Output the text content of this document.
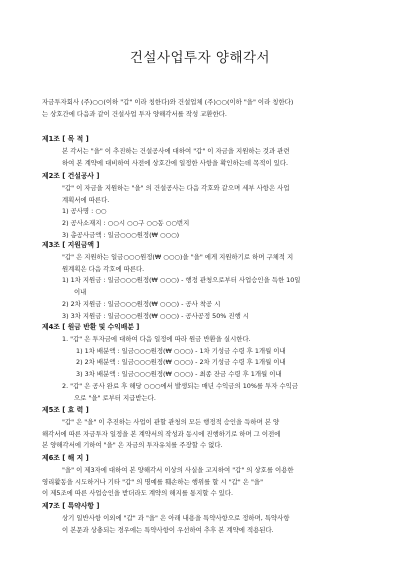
건설사업투자 양해각서

자금투자회사 (주)○○(이하 "갑" 이라 칭한다)와 건설업체 (주)○○(이하 "을" 이라 칭한다)

는 상호간에 다음과 같이 건설사업 투자 양해각서를 작성 교환한다.

제1조 [ 목 적 ]
본 각서는 "을" 이 추진하는 건설공사에 대하여 "갑" 이 자금을 지원하는 것과 관련
하여 본 계약에 대비하여 사전에 상호간에 일정한 사항을 확인하는데 목적이 있다.
제2조 [ 건설공사 ]
"갑" 이 자금을 지원하는 "을" 의 건설공사는 다음 각호와 같으며 세부 사항은 사업
계획서에 따른다.
1) 공사명 : ○○
2) 공사소재지 : ○○시 ○○구 ○○동 ○○번지
3) 총공사금액 : 일금○○○원정(₩ ○○○)
제3조 [ 지원금액 ]
"갑" 은 지원하는 일금○○○원정(₩ ○○○)을 "을" 에게 지원하기로 하며 구체적 지
원계획은 다음 각호에 따른다.
1) 1차 지원금 : 일금○○○원정(₩ ○○○) - 행정 관청으로부터 사업승인을 득한 10일
이내
2) 2차 지원금 : 일금○○○원정(₩ ○○○) - 공사 착공 시
3) 3차 지원금 : 일금○○○원정(₩ ○○○) - 공사공정 50% 진행 시
제4조 [ 원금 반환 및 수익배분 ]
1. "갑" 은 투자금에 대하여 다음 일정에 따라 원금 반환을 실시한다.
1) 1차 배분액 : 일금○○○원정(₩ ○○○) - 1차 기성금 수령 후 1개월 이내
2) 2차 배분액 : 일금○○○원정(₩ ○○○) - 2차 기성금 수령 후 1개월 이내
3) 3차 배분액 : 일금○○○원정(₩ ○○○) - 최종 잔금 수령 후 1개월 이내
2. "갑" 은 공사 완료 후 해당 ○○○에서 발생되는 매년 수익금의 10%를 투자 수익금
으로 "을" 로부터 지급받는다.
제5조 [ 효 력 ]
"갑" 은 "을" 이 추진하는 사업이 관할 관청의 모든 행정적 승인을 득하며 본 양
해각서에 따른 자금투자 일정을 본 계약서의 작성과 동시에 진행하기로 하며 그 이전에
본 양해각서에 기하여 "을" 은 자금의 투자유치를 주장할 수 없다.
제6조 [ 해 지 ]
"을" 이 제3자에 대하여 본 양해각서 이상의 사실을 고지하여 "갑" 의 상호를 이용한
영리활동을 시도하거나 기타 "갑" 의 명예를 훼손하는 행위를 할 시 "갑" 은 "을"
이 제5조에 따른 사업승인을 받더라도 계약의 해지를 통지할 수 있다.
제7조 [ 특약사항 ]
상기 일반사항 이외에 "갑" 과 "을" 은 아래 내용을 특약사항으로 정하며, 특약사항
이 본문과 상충되는 경우에는 특약사항이 우선하여 추후 본 계약에 적용된다.
